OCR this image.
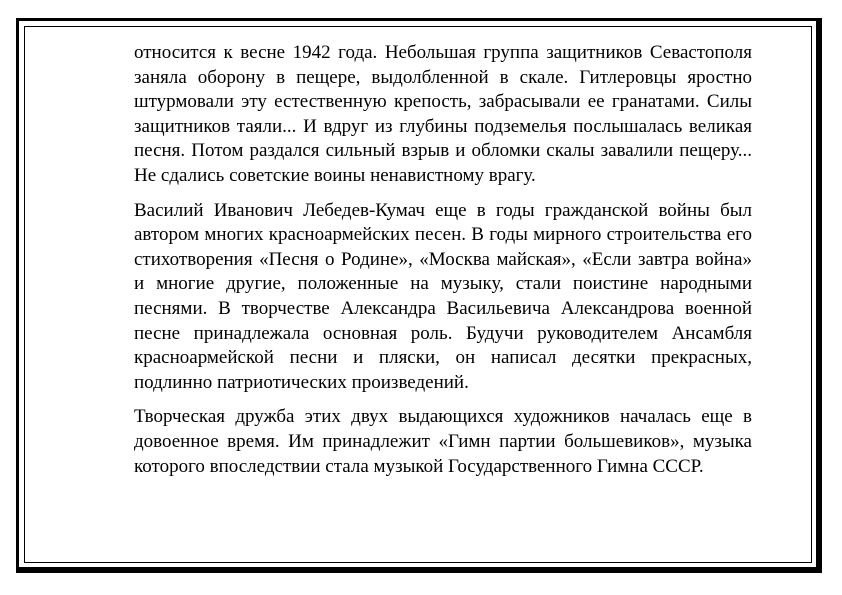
относится к весне 1942 года. Небольшая группа защитников Севастополя заняла оборону в пещере, выдолбленной в скале. Гитлеровцы яростно штурмовали эту естественную крепость, забрасывали ее гранатами. Силы защитников таяли... И вдруг из глубины подземелья послышалась великая песня. Потом раздался сильный взрыв и обломки скалы завалили пещеру... Не сдались советские воины ненавистному врагу.

Василий Иванович Лебедев-Кумач еще в годы гражданской войны был автором многих красноармейских песен. В годы мирного строительства его стихотворения «Песня о Родине», «Москва майская», «Если завтра война» и многие другие, положенные на музыку, стали поистине народными песнями. В творчестве Александра Васильевича Александрова военной песне принадлежала основная роль. Будучи руководителем Ансамбля красноармейской песни и пляски, он написал десятки прекрасных, подлинно патриотических произведений.

Творческая дружба этих двух выдающихся художников началась еще в довоенное время. Им принадлежит «Гимн партии большевиков», музыка которого впоследствии стала музыкой Государственного Гимна СССР.
